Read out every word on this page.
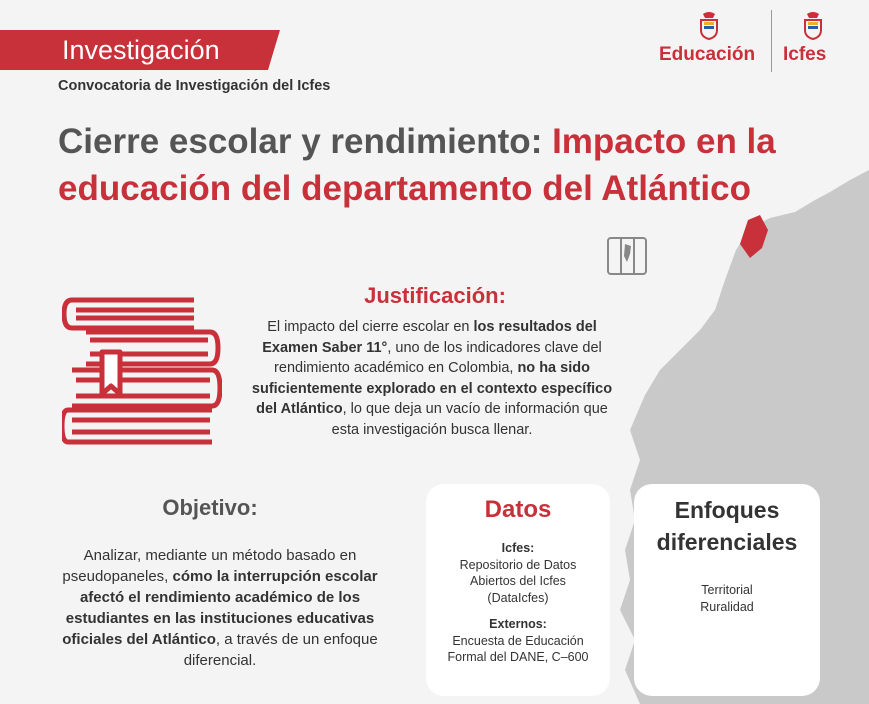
Investigación
Convocatoria de Investigación del Icfes
Educación Icfes
Cierre escolar y rendimiento: Impacto en la educación del departamento del Atlántico
Justificación:
El impacto del cierre escolar en los resultados del Examen Saber 11°, uno de los indicadores clave del rendimiento académico en Colombia, no ha sido suficientemente explorado en el contexto específico del Atlántico, lo que deja un vacío de información que esta investigación busca llenar.
Objetivo:
Analizar, mediante un método basado en pseudopaneles, cómo la interrupción escolar afectó el rendimiento académico de los estudiantes en las instituciones educativas oficiales del Atlántico, a través de un enfoque diferencial.
Datos
Icfes:
Repositorio de Datos
Abiertos del Icfes
(DataIcfes)

Externos:
Encuesta de Educación
Formal del DANE, C–600
Enfoques
diferenciales
Territorial
Ruralidad
